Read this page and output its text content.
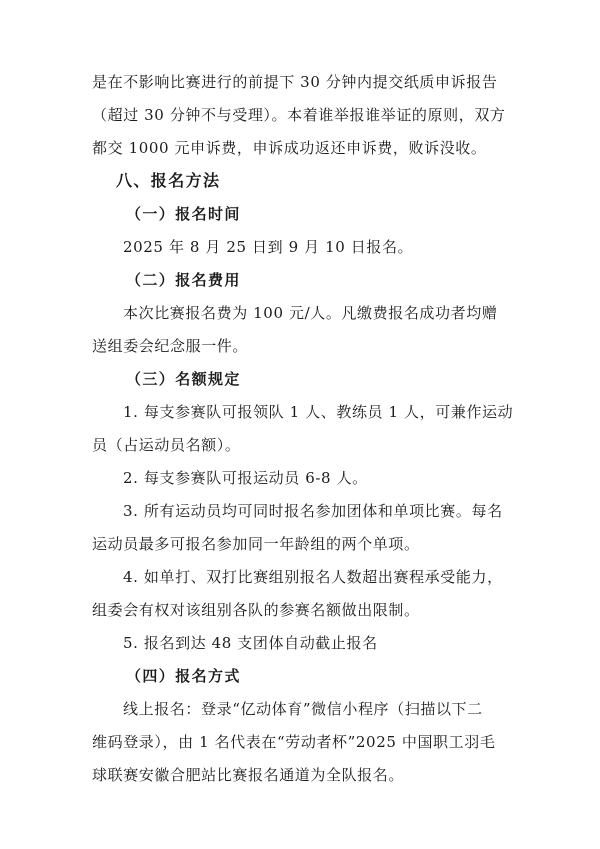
是在不影响比赛进行的前提下 30 分钟内提交纸质申诉报告
（超过 30 分钟不与受理）。本着谁举报谁举证的原则，双方
都交 1000 元申诉费，申诉成功返还申诉费，败诉没收。
八、报名方法
（一）报名时间
2025 年 8 月 25 日到 9 月 10 日报名。
（二）报名费用
本次比赛报名费为 100 元/人。凡缴费报名成功者均赠
送组委会纪念服一件。
（三）名额规定
1. 每支参赛队可报领队 1 人、教练员 1 人，可兼作运动
员（占运动员名额）。
2. 每支参赛队可报运动员 6-8 人。
3. 所有运动员均可同时报名参加团体和单项比赛。每名
运动员最多可报名参加同一年龄组的两个单项。
4. 如单打、双打比赛组别报名人数超出赛程承受能力，
组委会有权对该组别各队的参赛名额做出限制。
5. 报名到达 48 支团体自动截止报名
（四）报名方式
线上报名：登录“亿动体育”微信小程序（扫描以下二
维码登录），由 1 名代表在“劳动者杯”2025 中国职工羽毛
球联赛安徽合肥站比赛报名通道为全队报名。
